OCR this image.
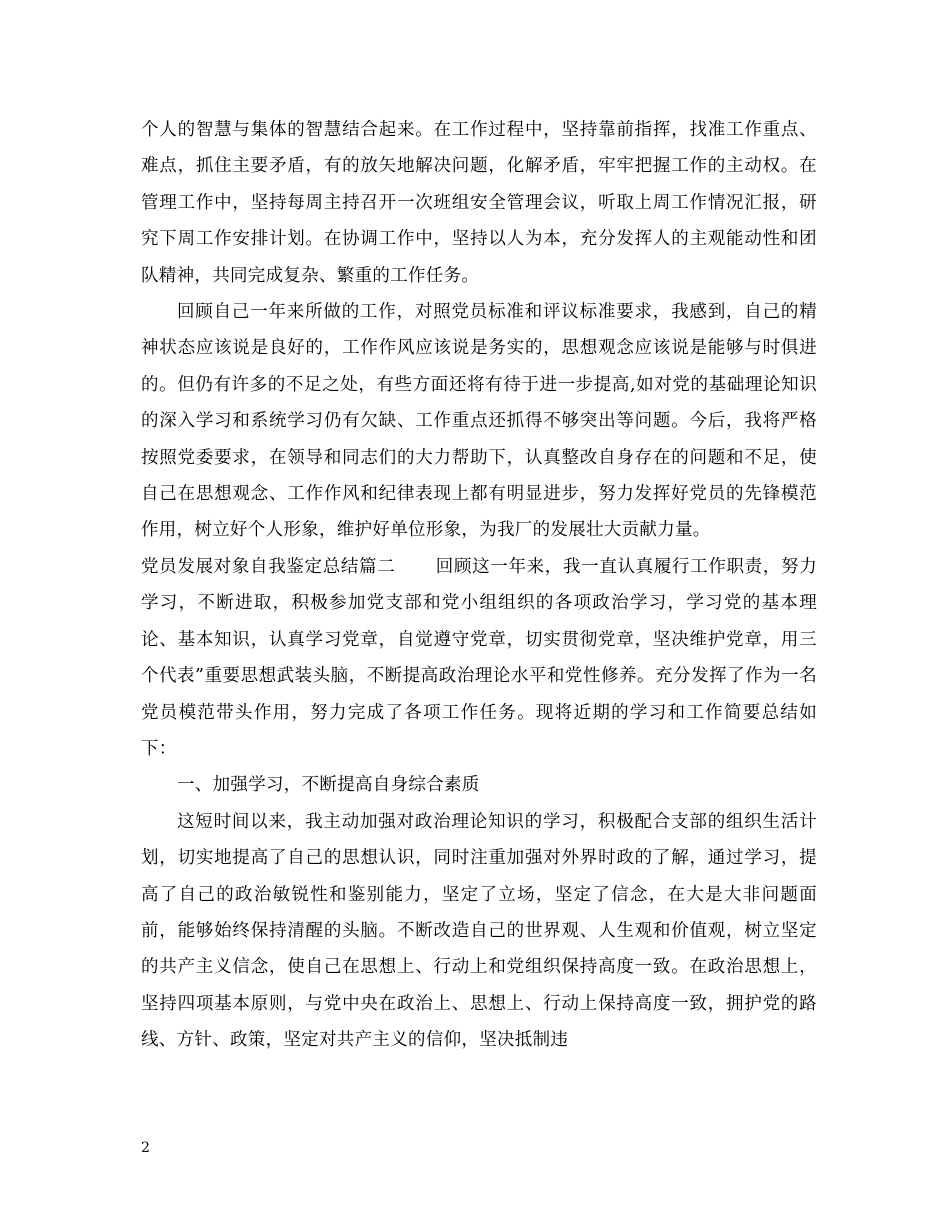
个人的智慧与集体的智慧结合起来。在工作过程中，坚持靠前指挥，找准工作重点、难点，抓住主要矛盾，有的放矢地解决问题，化解矛盾，牢牢把握工作的主动权。在管理工作中，坚持每周主持召开一次班组安全管理会议，听取上周工作情况汇报，研究下周工作安排计划。在协调工作中，坚持以人为本，充分发挥人的主观能动性和团队精神，共同完成复杂、繁重的工作任务。

回顾自己一年来所做的工作，对照党员标准和评议标准要求，我感到，自己的精神状态应该说是良好的，工作作风应该说是务实的，思想观念应该说是能够与时俱进的。但仍有许多的不足之处，有些方面还将有待于进一步提高,如对党的基础理论知识的深入学习和系统学习仍有欠缺、工作重点还抓得不够突出等问题。今后，我将严格按照党委要求，在领导和同志们的大力帮助下，认真整改自身存在的问题和不足，使自己在思想观念、工作作风和纪律表现上都有明显进步，努力发挥好党员的先锋模范作用，树立好个人形象，维护好单位形象，为我厂的发展壮大贡献力量。

党员发展对象自我鉴定总结篇二 回顾这一年来，我一直认真履行工作职责，努力学习，不断进取，积极参加党支部和党小组组织的各项政治学习，学习党的基本理论、基本知识，认真学习党章，自觉遵守党章，切实贯彻党章，坚决维护党章，用三个代表”重要思想武装头脑，不断提高政治理论水平和党性修养。充分发挥了作为一名党员模范带头作用，努力完成了各项工作任务。现将近期的学习和工作简要总结如下：

一、加强学习，不断提高自身综合素质

这短时间以来，我主动加强对政治理论知识的学习，积极配合支部的组织生活计划，切实地提高了自己的思想认识，同时注重加强对外界时政的了解，通过学习，提高了自己的政治敏锐性和鉴别能力，坚定了立场，坚定了信念，在大是大非问题面前，能够始终保持清醒的头脑。不断改造自己的世界观、人生观和价值观，树立坚定的共产主义信念，使自己在思想上、行动上和党组织保持高度一致。在政治思想上，坚持四项基本原则，与党中央在政治上、思想上、行动上保持高度一致，拥护党的路线、方针、政策，坚定对共产主义的信仰，坚决抵制违

2
